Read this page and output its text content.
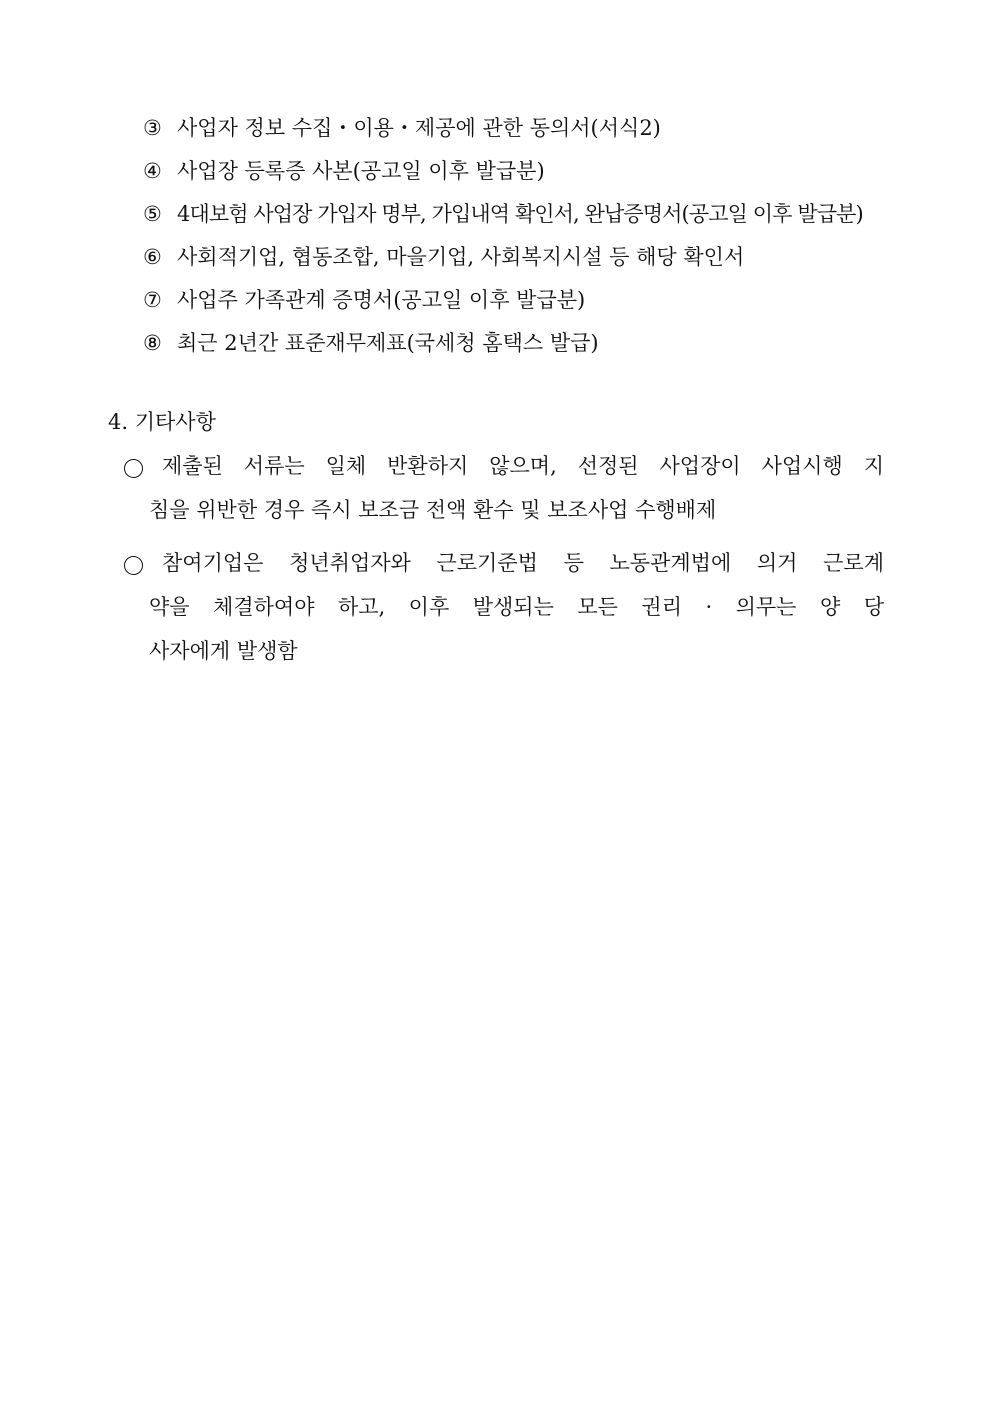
③ 사업자 정보 수집・이용・제공에 관한 동의서(서식2)
④ 사업장 등록증 사본(공고일 이후 발급분)
⑤ 4대보험 사업장 가입자 명부, 가입내역 확인서, 완납증명서(공고일 이후 발급분)
⑥ 사회적기업, 협동조합, 마을기업, 사회복지시설 등 해당 확인서
⑦ 사업주 가족관계 증명서(공고일 이후 발급분)
⑧ 최근 2년간 표준재무제표(국세청 홈택스 발급)
4. 기타사항
제출된 서류는 일체 반환하지 않으며, 선정된 사업장이 사업시행 지
침을 위반한 경우 즉시 보조금 전액 환수 및 보조사업 수행배제
참여기업은 청년취업자와 근로기준법 등 노동관계법에 의거 근로계
약을 체결하여야 하고, 이후 발생되는 모든 권리 · 의무는 양 당
사자에게 발생함
